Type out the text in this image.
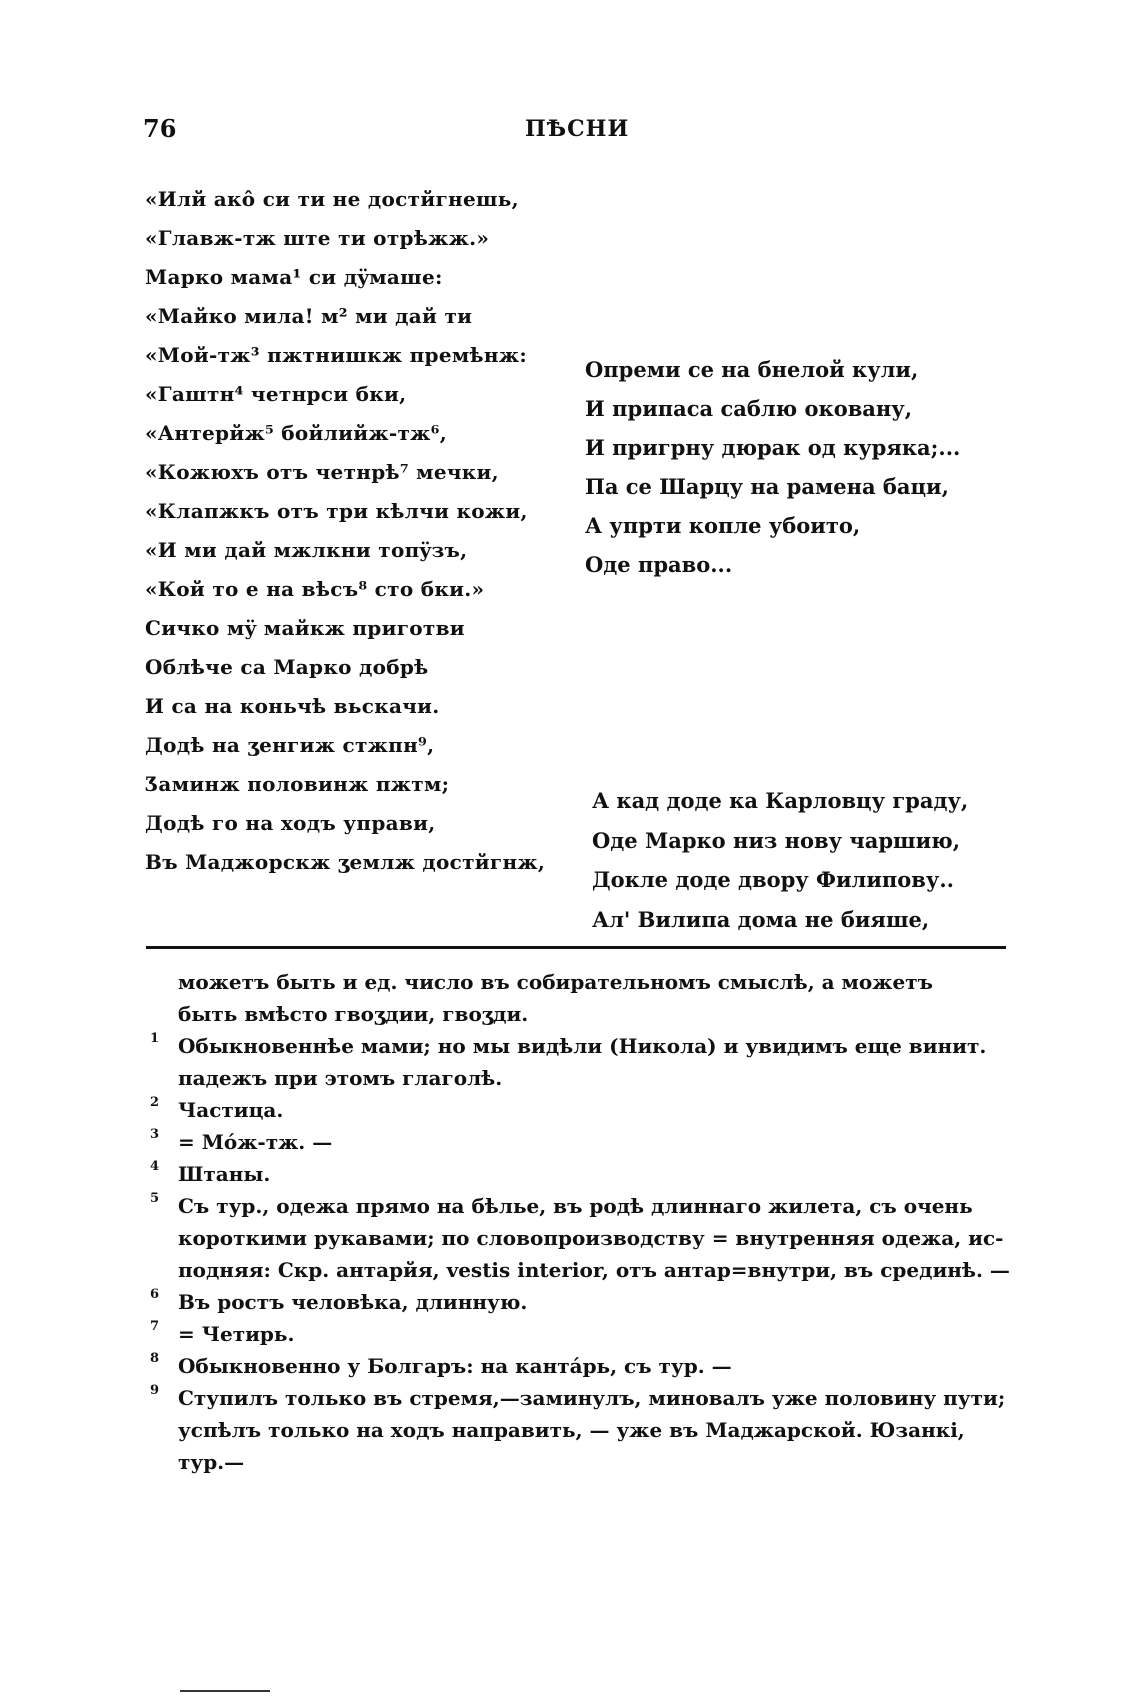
76	ПѢСНИ
«Илй акô си ти не достйгнешь,
«Главж-тж ште ти отрѣжж.»
Марко мама¹ си дÿмаше:
«Майко мила! м² ми дай ти
«Мой-тж³ пжтнишкж премѣнж:
«Гаштн⁴ четнрси бки,
«Антерйж⁵ бойлийж-тж⁶,
«Кожюхъ отъ четнрѣ⁷ мечки,
«Клапжкъ отъ три кѣлчи кожи,
«И ми дай мжлкни топÿзъ,
«Кой то е на вѣсъ⁸ сто бки.»
Сичко мÿ майкж приготви
Облѣче са Марко добрѣ
И са на коньчѣ вьскачи.
Додѣ на ӡенгиж стжпн⁹,
Ӡаминж половинж пжтм;
Додѣ го на ходъ управи,
Въ Маджорскж ӡемлж достйгнж,
Опреми се на бнелой кули,
И припаса саблю оковану,
И пригрну дюрак од куряка;...
Па се Шарцу на рамена баци,
А упрти копле убоито,
Оде право...
А кад доде ка Карловцу граду,
Оде Марко низ нову чаршию,
Докле доде двору Филипову..
Ал' Вилипа дома не бияше,
можетъ быть и ед. число въ собирательномъ смыслѣ, а можетъ
быть вмѣсто гвоӡдии, гвоӡди.
1 Обыкновеннѣе мами; но мы видѣли (Никола) и увидимъ еще винит.
падежъ при этомъ глаголѣ.
2 Частица.
3 = Мóж-тж. —
4 Штаны.
5 Съ тур., одежа прямо на бѣлье, въ родѣ длиннаго жилета, съ очень
короткими рукавами; по словопроизводству = внутренняя одежа, ис-
подняя: Скр. антарйя, vestis interior, отъ антар=внутри, въ срединѣ. —
6 Въ ростъ человѣка, длинную.
7 = Четирь.
8 Обыкновенно у Болгаръ: на кантáрь, съ тур. —
9 Ступилъ только въ стремя,—заминулъ, миновалъ уже половину пути;
успѣлъ только на ходъ направить, — уже въ Маджарской. Юзанкі,
тур.—
